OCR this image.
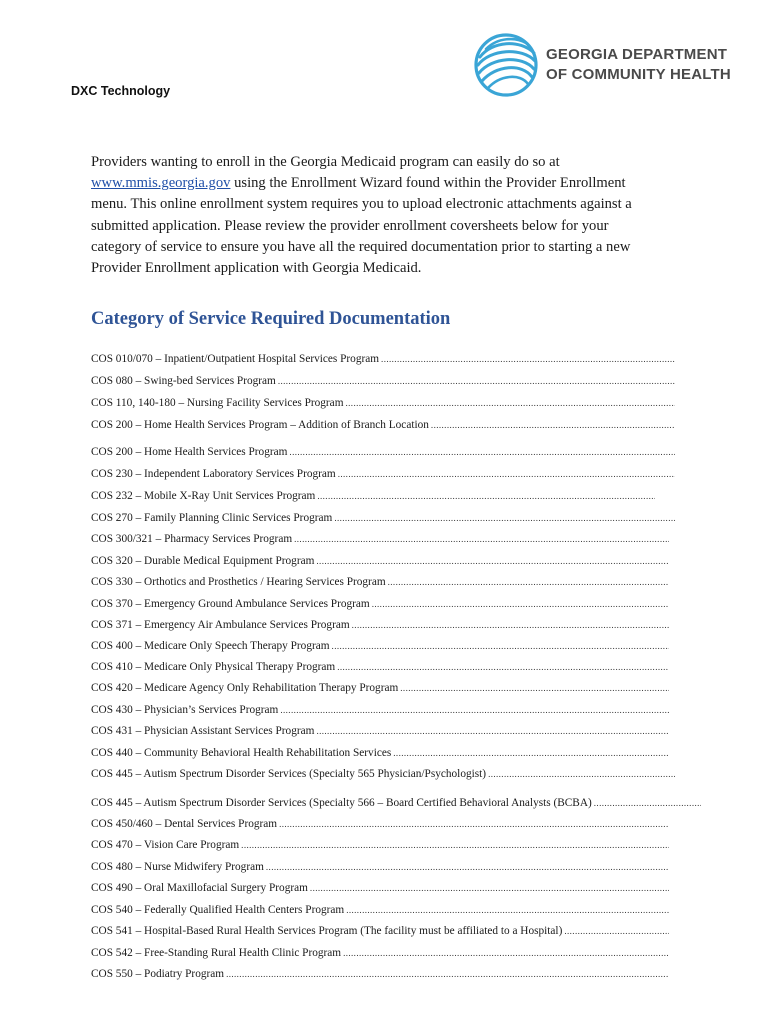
DXC Technology
GEORGIA DEPARTMENT
OF COMMUNITY HEALTH
Providers wanting to enroll in the Georgia Medicaid program can easily do so at www.mmis.georgia.gov using the Enrollment Wizard found within the Provider Enrollment menu. This online enrollment system requires you to upload electronic attachments against a submitted application. Please review the provider enrollment coversheets below for your category of service to ensure you have all the required documentation prior to starting a new Provider Enrollment application with Georgia Medicaid.
Category of Service Required Documentation
COS 010/070 – Inpatient/Outpatient Hospital Services Program
.....
COS 080 – Swing-bed Services Program
.....
COS 110, 140-180 – Nursing Facility Services Program
.....
COS 200 – Home Health Services Program – Addition of Branch Location
.....
COS 200 – Home Health Services Program
.....
COS 230 – Independent Laboratory Services Program
.....
COS 232 – Mobile X-Ray Unit Services Program
.....
COS 270 – Family Planning Clinic Services Program
.....
COS 300/321 – Pharmacy Services Program
.....
COS 320 – Durable Medical Equipment Program
.....
COS 330 – Orthotics and Prosthetics / Hearing Services Program
.....
COS 370 – Emergency Ground Ambulance Services Program
.....
COS 371 – Emergency Air Ambulance Services Program
.....
COS 400 – Medicare Only Speech Therapy Program
.....
COS 410 – Medicare Only Physical Therapy Program
.....
COS 420 – Medicare Agency Only Rehabilitation Therapy Program
.....
COS 430 – Physician’s Services Program
.....
COS 431 – Physician Assistant Services Program
.....
COS 440 – Community Behavioral Health Rehabilitation Services
.....
COS 445 – Autism Spectrum Disorder Services (Specialty 565 Physician/Psychologist)
.....
COS 445 – Autism Spectrum Disorder Services (Specialty 566 – Board Certified Behavioral Analysts (BCBA)
.....
COS 450/460 – Dental Services Program
.....
COS 470 – Vision Care Program
.....
COS 480 – Nurse Midwifery Program
.....
COS 490 – Oral Maxillofacial Surgery Program
.....
COS 540 – Federally Qualified Health Centers Program
.....
COS 541 – Hospital-Based Rural Health Services Program (The facility must be affiliated to a Hospital)
.....
COS 542 – Free-Standing Rural Health Clinic Program
.....
COS 550 – Podiatry Program
.....
